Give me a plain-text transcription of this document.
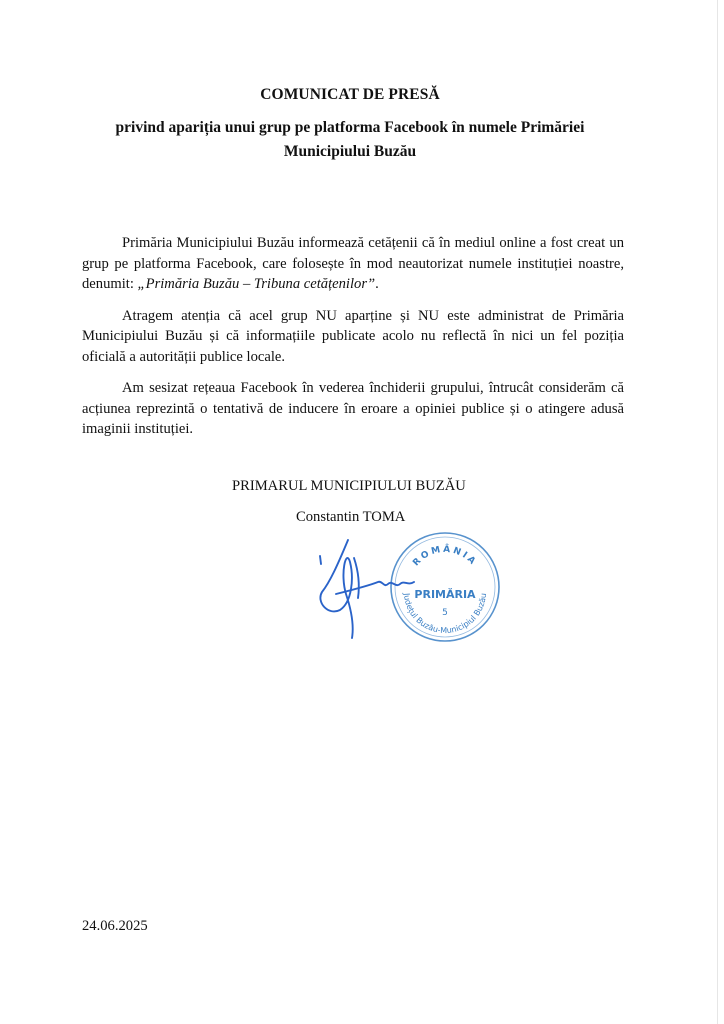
COMUNICAT DE PRESĂ
privind apariția unui grup pe platforma Facebook în numele Primăriei Municipiului Buzău

Primăria Municipiului Buzău informează cetățenii că în mediul online a fost creat un grup pe platforma Facebook, care folosește în mod neautorizat numele instituției noastre, denumit: „Primăria Buzău – Tribuna cetățenilor”.

Atragem atenția că acel grup NU aparține și NU este administrat de Primăria Municipiului Buzău și că informațiile publicate acolo nu reflectă în nici un fel poziția oficială a autorității publice locale.

Am sesizat rețeaua Facebook în vederea închiderii grupului, întrucât considerăm că acțiunea reprezintă o tentativă de inducere în eroare a opiniei publice și o atingere adusă imaginii instituției.

PRIMARUL MUNICIPIULUI BUZĂU
Constantin TOMA
ROMÂNIA
Județul Buzău-Municipiul Buzău
PRIMĂRIA
5
24.06.2025
